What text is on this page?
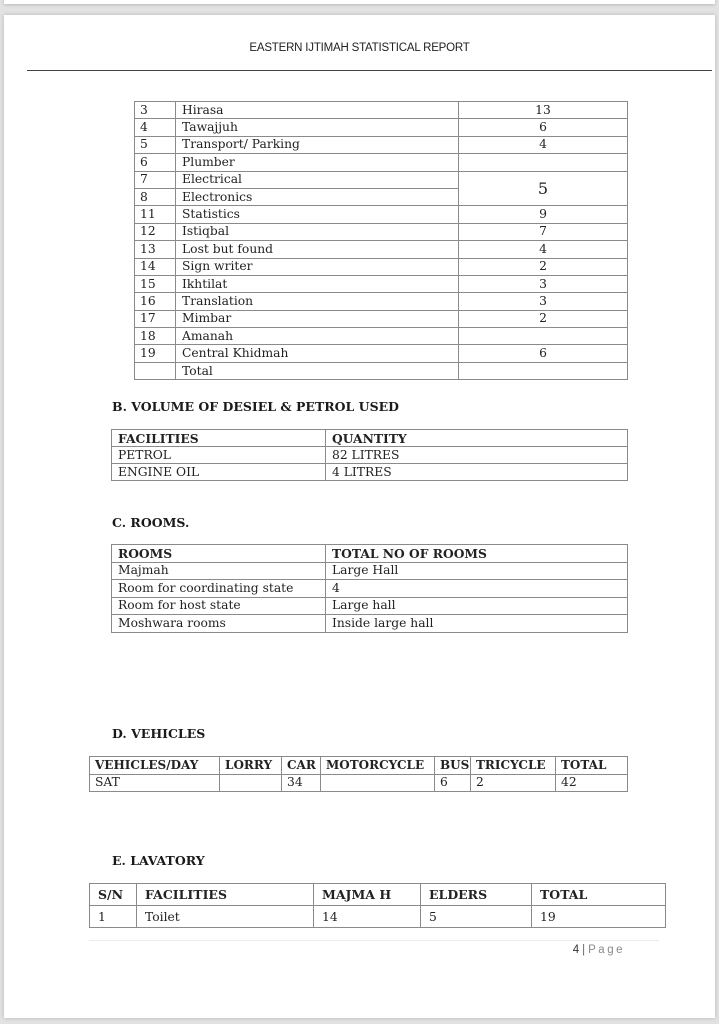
EASTERN IJTIMAH STATISTICAL REPORT
3	Hirasa	13
4	Tawajjuh	6
5	Transport/ Parking	4
6	Plumber	
7	Electrical	5
8	Electronics	
11	Statistics	9
12	Istiqbal	7
13	Lost but found	4
14	Sign writer	2
15	Ikhtilat	3
16	Translation	3
17	Mimbar	2
18	Amanah	
19	Central Khidmah	6
	Total	
B. VOLUME OF DESIEL & PETROL USED
FACILITIES	QUANTITY
PETROL	82 LITRES
ENGINE OIL	4 LITRES
C. ROOMS.
ROOMS	TOTAL NO OF ROOMS
Majmah	Large Hall
Room for coordinating state	4
Room for host state	Large hall
Moshwara rooms	Inside large hall
D. VEHICLES
VEHICLES/DAY	LORRY	CAR	MOTORCYCLE	BUS	TRICYCLE	TOTAL
SAT		34		6	2	42
E. LAVATORY
S/N	FACILITIES	MAJMA H	ELDERS	TOTAL
1	Toilet	14	5	19
4 | Page
